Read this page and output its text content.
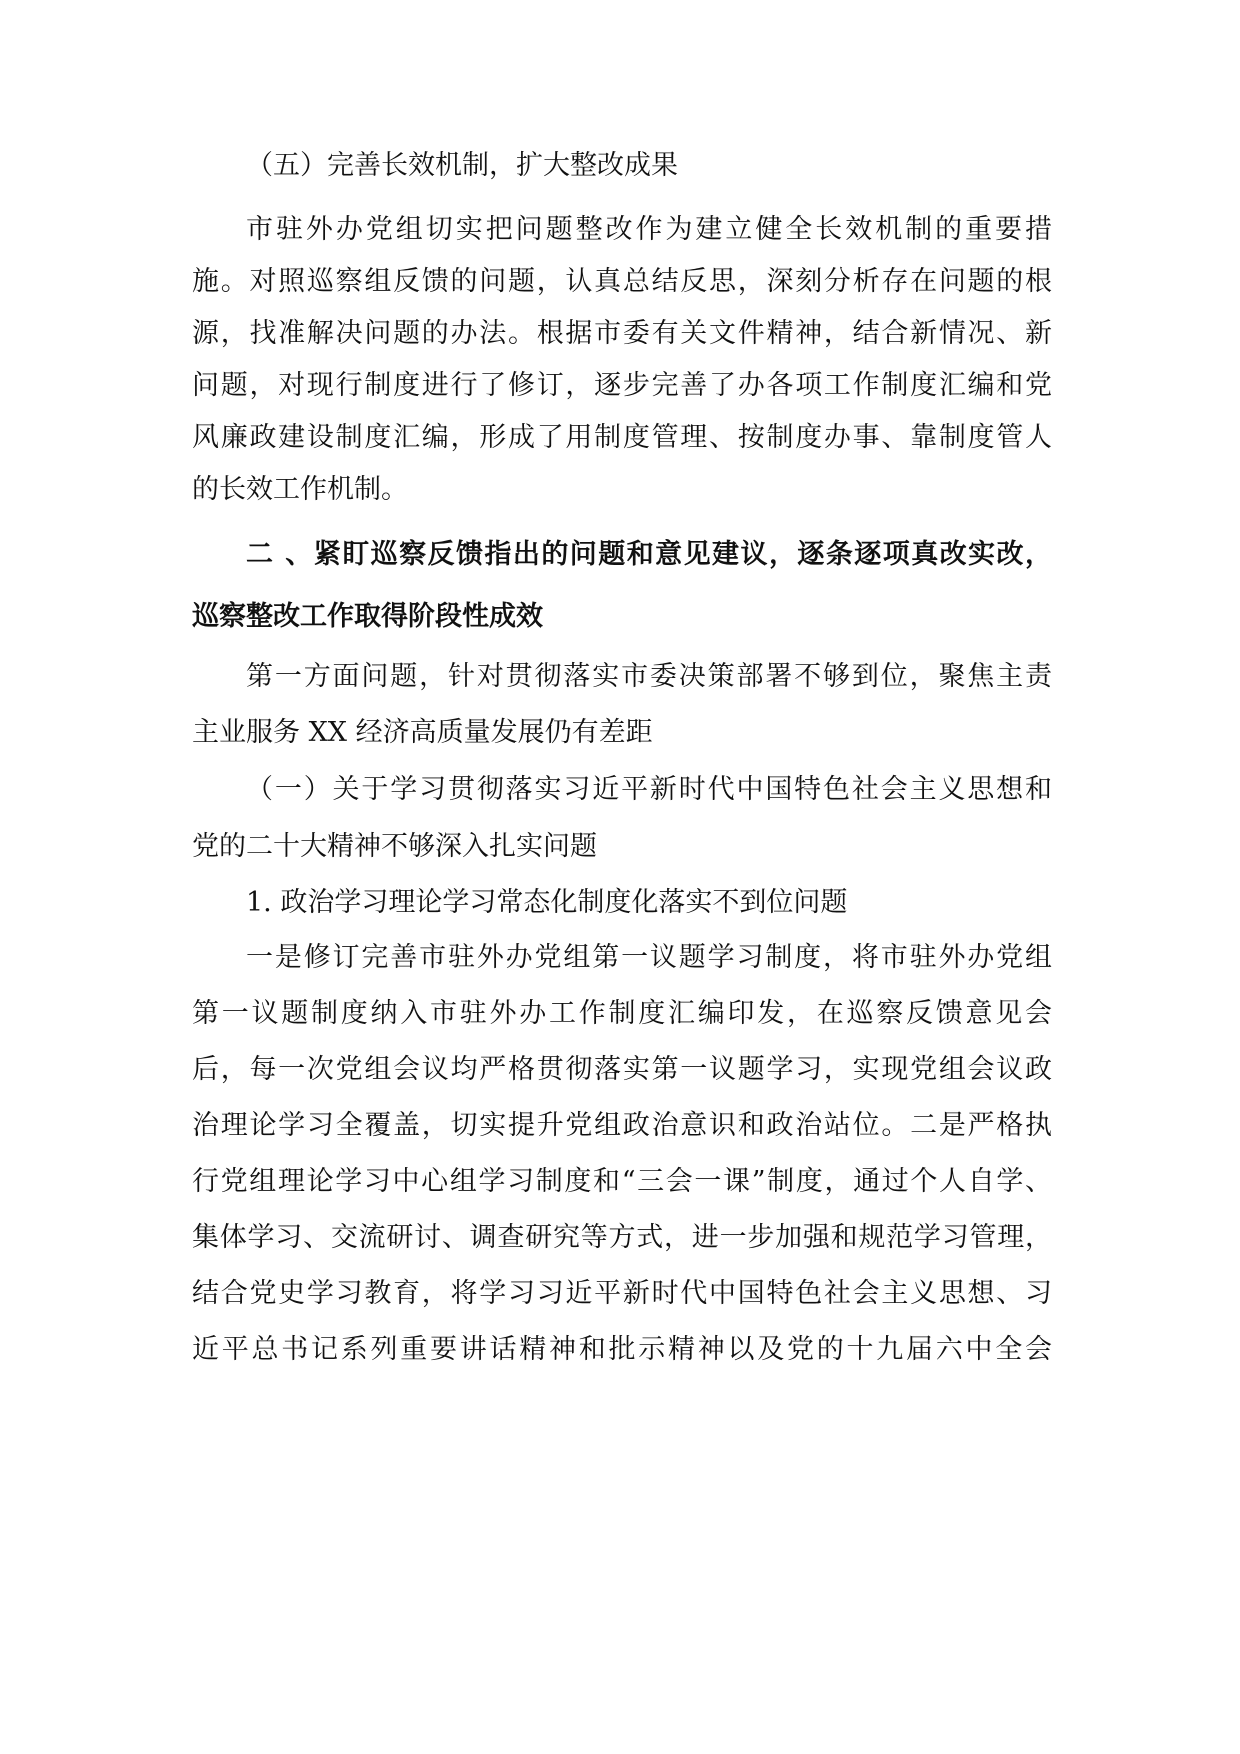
（五）完善长效机制，扩大整改成果
市驻外办党组切实把问题整改作为建立健全长效机制的重要措
施。对照巡察组反馈的问题，认真总结反思，深刻分析存在问题的根
源，找准解决问题的办法。根据市委有关文件精神，结合新情况、新
问题，对现行制度进行了修订，逐步完善了办各项工作制度汇编和党
风廉政建设制度汇编，形成了用制度管理、按制度办事、靠制度管人
的长效工作机制。
二 、紧盯巡察反馈指出的问题和意见建议，逐条逐项真改实改，
巡察整改工作取得阶段性成效
第一方面问题，针对贯彻落实市委决策部署不够到位，聚焦主责
主业服务 XX 经济高质量发展仍有差距
（一）关于学习贯彻落实习近平新时代中国特色社会主义思想和
党的二十大精神不够深入扎实问题
1. 政治学习理论学习常态化制度化落实不到位问题
一是修订完善市驻外办党组第一议题学习制度，将市驻外办党组
第一议题制度纳入市驻外办工作制度汇编印发，在巡察反馈意见会
后，每一次党组会议均严格贯彻落实第一议题学习，实现党组会议政
治理论学习全覆盖，切实提升党组政治意识和政治站位。二是严格执
行党组理论学习中心组学习制度和“三会一课”制度，通过个人自学、
集体学习、交流研讨、调查研究等方式，进一步加强和规范学习管理，
结合党史学习教育，将学习习近平新时代中国特色社会主义思想、习
近平总书记系列重要讲话精神和批示精神以及党的十九届六中全会
